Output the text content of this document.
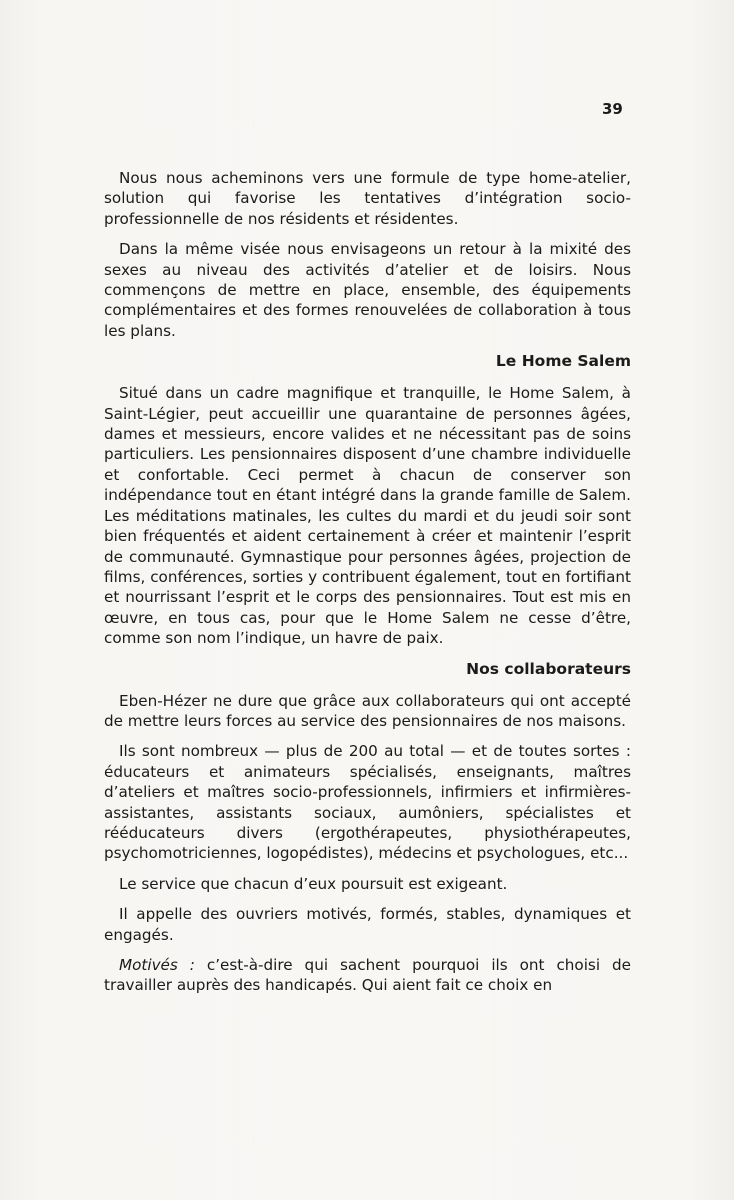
39

Nous nous acheminons vers une formule de type home-atelier, solution qui favorise les tentatives d’intégration socio-professionnelle de nos résidents et résidentes.

Dans la même visée nous envisageons un retour à la mixité des sexes au niveau des activités d’atelier et de loisirs. Nous commençons de mettre en place, ensemble, des équipements complémentaires et des formes renouvelées de collaboration à tous les plans.

Le Home Salem

Situé dans un cadre magnifique et tranquille, le Home Salem, à Saint-Légier, peut accueillir une quarantaine de personnes âgées, dames et messieurs, encore valides et ne nécessitant pas de soins particuliers. Les pensionnaires disposent d’une chambre individuelle et confortable. Ceci permet à chacun de conserver son indépendance tout en étant intégré dans la grande famille de Salem. Les méditations matinales, les cultes du mardi et du jeudi soir sont bien fréquentés et aident certainement à créer et maintenir l’esprit de communauté. Gymnastique pour personnes âgées, projection de films, conférences, sorties y contribuent également, tout en fortifiant et nourrissant l’esprit et le corps des pensionnaires. Tout est mis en œuvre, en tous cas, pour que le Home Salem ne cesse d’être, comme son nom l’indique, un havre de paix.

Nos collaborateurs

Eben-Hézer ne dure que grâce aux collaborateurs qui ont accepté de mettre leurs forces au service des pensionnaires de nos maisons.

Ils sont nombreux — plus de 200 au total — et de toutes sortes : éducateurs et animateurs spécialisés, enseignants, maîtres d’ateliers et maîtres socio-professionnels, infirmiers et infirmières-assistantes, assistants sociaux, aumôniers, spécialistes et rééducateurs divers (ergothérapeutes, physiothérapeutes, psychomotriciennes, logopédistes), médecins et psychologues, etc...

Le service que chacun d’eux poursuit est exigeant.

Il appelle des ouvriers motivés, formés, stables, dynamiques et engagés.

Motivés : c’est-à-dire qui sachent pourquoi ils ont choisi de travailler auprès des handicapés. Qui aient fait ce choix en
